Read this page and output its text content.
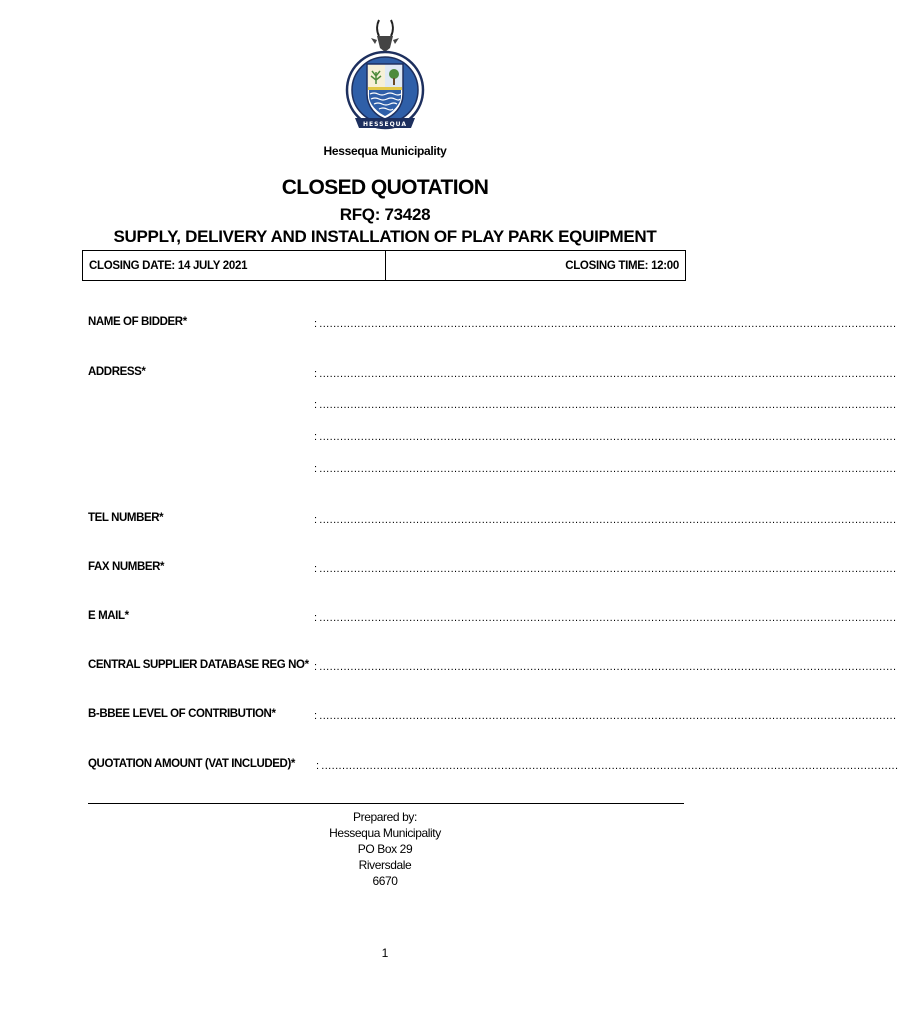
HESSEQUA
Hessequa Municipality
CLOSED QUOTATION
RFQ: 73428
SUPPLY, DELIVERY AND INSTALLATION OF PLAY PARK EQUIPMENT
CLOSING DATE: 14 JULY 2021	CLOSING TIME: 12:00
NAME OF BIDDER*	: .......................................................................................................................................................................
ADDRESS*	: .......................................................................................................................................................................
: .......................................................................................................................................................................
: .......................................................................................................................................................................
: .......................................................................................................................................................................
TEL NUMBER*	: .......................................................................................................................................................................
FAX NUMBER*	: .......................................................................................................................................................................
E MAIL*	: .......................................................................................................................................................................
CENTRAL SUPPLIER DATABASE REG NO* : .......................................................................................................................................................................
B-BBEE LEVEL OF CONTRIBUTION*	: .......................................................................................................................................................................
QUOTATION AMOUNT (VAT INCLUDED)* : .......................................................................................................................................................................
Prepared by:
Hessequa Municipality
PO Box 29
Riversdale
6670
1
